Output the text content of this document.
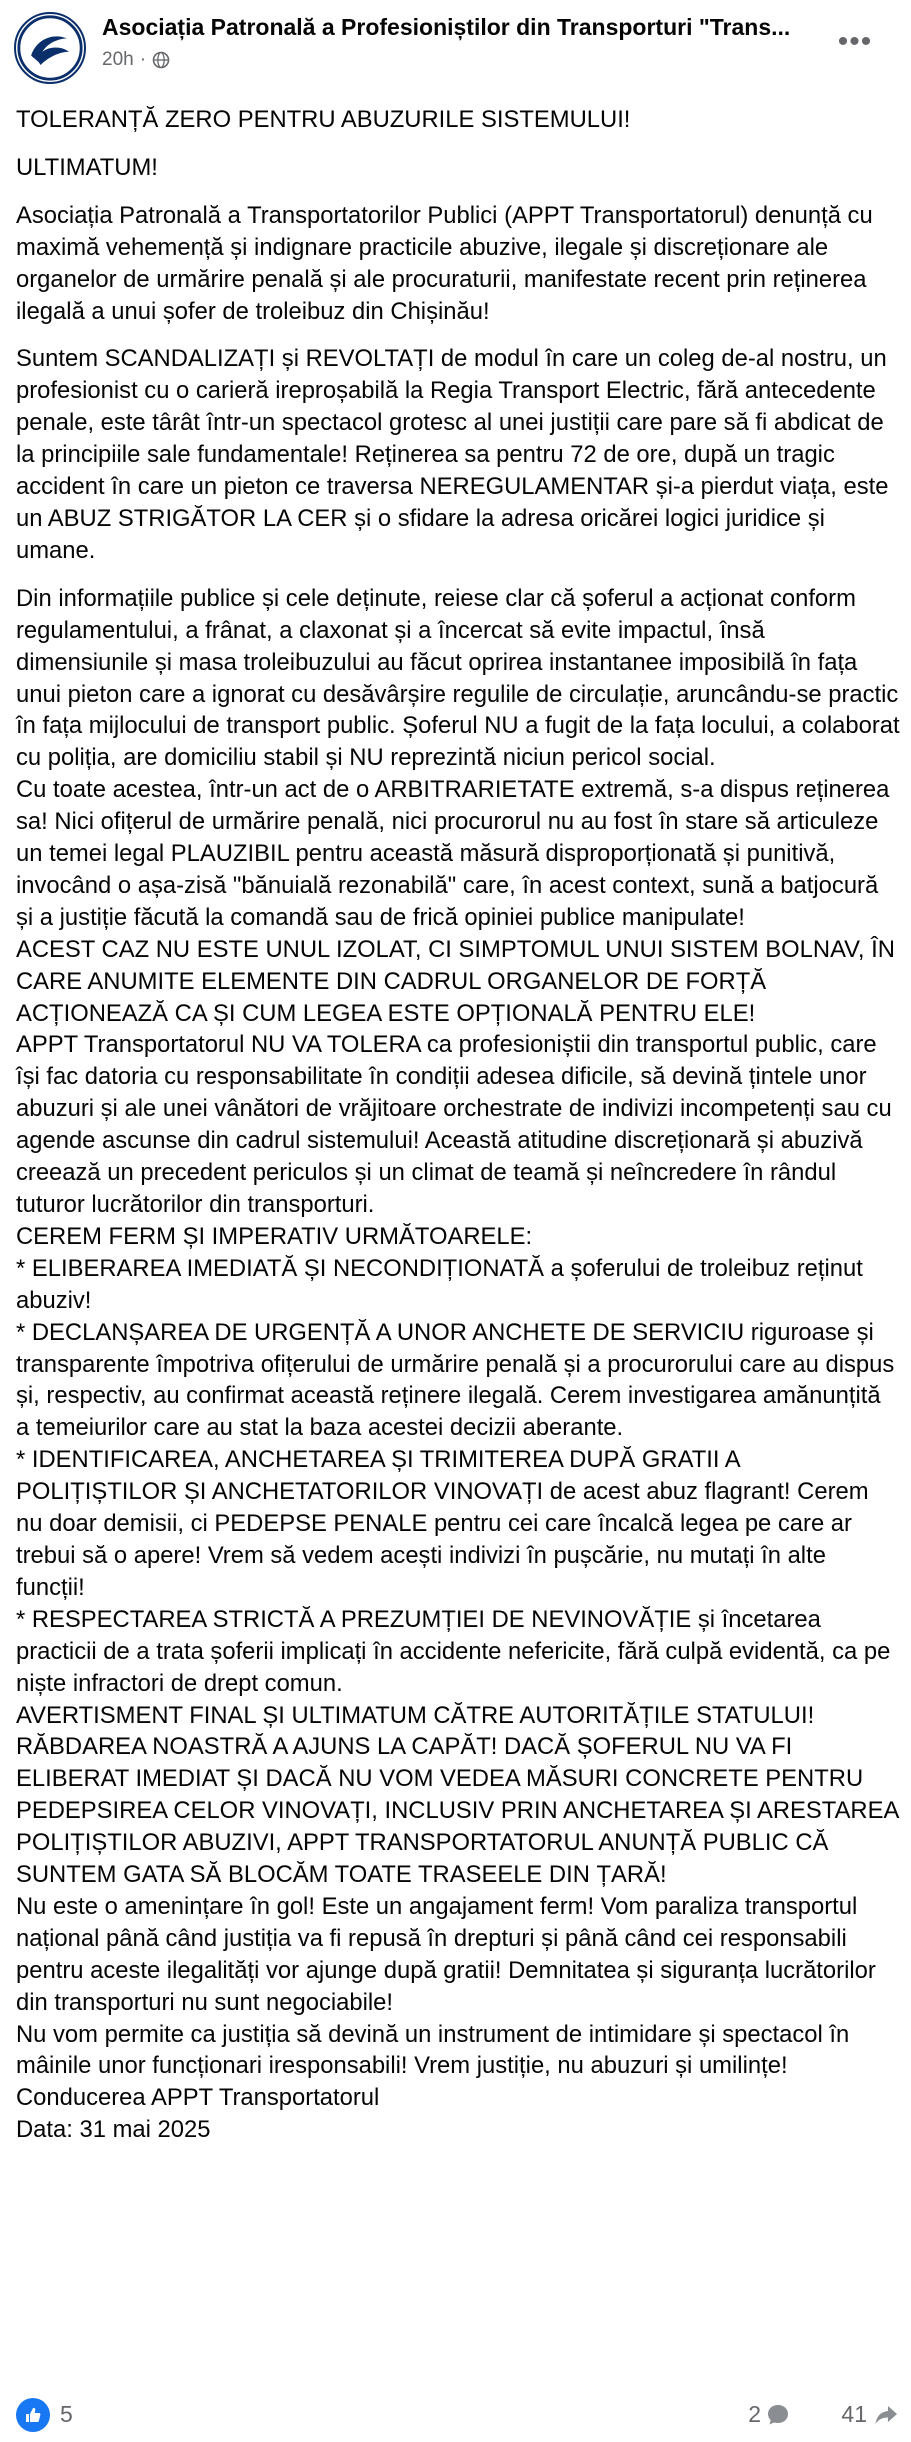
Asociația Patronală a Profesioniștilor din Transporturi "Trans...
20h ·
•••

TOLERANȚĂ ZERO PENTRU ABUZURILE SISTEMULUI!

ULTIMATUM!

Asociația Patronală a Transportatorilor Publici (APPT Transportatorul) denunță cu maximă vehemență și indignare practicile abuzive, ilegale și discreționare ale organelor de urmărire penală și ale procuraturii, manifestate recent prin reținerea ilegală a unui șofer de troleibuz din Chișinău!

Suntem SCANDALIZAȚI și REVOLTAȚI de modul în care un coleg de-al nostru, un profesionist cu o carieră ireproșabilă la Regia Transport Electric, fără antecedente penale, este târât într-un spectacol grotesc al unei justiții care pare să fi abdicat de la principiile sale fundamentale! Reținerea sa pentru 72 de ore, după un tragic accident în care un pieton ce traversa NEREGULAMENTAR și-a pierdut viața, este un ABUZ STRIGĂTOR LA CER și o sfidare la adresa oricărei logici juridice și umane.

Din informațiile publice și cele deținute, reiese clar că șoferul a acționat conform regulamentului, a frânat, a claxonat și a încercat să evite impactul, însă dimensiunile și masa troleibuzului au făcut oprirea instantanee imposibilă în fața unui pieton care a ignorat cu desăvârșire regulile de circulație, aruncându-se practic în fața mijlocului de transport public. Șoferul NU a fugit de la fața locului, a colaborat cu poliția, are domiciliu stabil și NU reprezintă niciun pericol social.

Cu toate acestea, într-un act de o ARBITRARIETATE extremă, s-a dispus reținerea sa! Nici ofițerul de urmărire penală, nici procurorul nu au fost în stare să articuleze un temei legal PLAUZIBIL pentru această măsură disproporționată și punitivă, invocând o așa-zisă "bănuială rezonabilă" care, în acest context, sună a batjocură și a justiție făcută la comandă sau de frică opiniei publice manipulate!

ACEST CAZ NU ESTE UNUL IZOLAT, CI SIMPTOMUL UNUI SISTEM BOLNAV, ÎN CARE ANUMITE ELEMENTE DIN CADRUL ORGANELOR DE FORȚĂ ACȚIONEAZĂ CA ȘI CUM LEGEA ESTE OPȚIONALĂ PENTRU ELE!

APPT Transportatorul NU VA TOLERA ca profesioniștii din transportul public, care își fac datoria cu responsabilitate în condiții adesea dificile, să devină țintele unor abuzuri și ale unei vânători de vrăjitoare orchestrate de indivizi incompetenți sau cu agende ascunse din cadrul sistemului! Această atitudine discreționară și abuzivă creează un precedent periculos și un climat de teamă și neîncredere în rândul tuturor lucrătorilor din transporturi.

CEREM FERM ȘI IMPERATIV URMĂTOARELE:

* ELIBERAREA IMEDIATĂ ȘI NECONDIȚIONATĂ a șoferului de troleibuz reținut abuziv!

* DECLANȘAREA DE URGENȚĂ A UNOR ANCHETE DE SERVICIU riguroase și transparente împotriva ofițerului de urmărire penală și a procurorului care au dispus și, respectiv, au confirmat această reținere ilegală. Cerem investigarea amănunțită a temeiurilor care au stat la baza acestei decizii aberante.

* IDENTIFICAREA, ANCHETAREA ȘI TRIMITEREA DUPĂ GRATII A POLIȚIȘTILOR ȘI ANCHETATORILOR VINOVAȚI de acest abuz flagrant! Cerem nu doar demisii, ci PEDEPSE PENALE pentru cei care încalcă legea pe care ar trebui să o apere! Vrem să vedem acești indivizi în pușcărie, nu mutați în alte funcții!

* RESPECTAREA STRICTĂ A PREZUMȚIEI DE NEVINOVĂȚIE și încetarea practicii de a trata șoferii implicați în accidente nefericite, fără culpă evidentă, ca pe niște infractori de drept comun.

AVERTISMENT FINAL ȘI ULTIMATUM CĂTRE AUTORITĂȚILE STATULUI!

RĂBDAREA NOASTRĂ A AJUNS LA CAPĂT! DACĂ ȘOFERUL NU VA FI ELIBERAT IMEDIAT ȘI DACĂ NU VOM VEDEA MĂSURI CONCRETE PENTRU PEDEPSIREA CELOR VINOVAȚI, INCLUSIV PRIN ANCHETAREA ȘI ARESTAREA POLIȚIȘTILOR ABUZIVI, APPT TRANSPORTATORUL ANUNȚĂ PUBLIC CĂ SUNTEM GATA SĂ BLOCĂM TOATE TRASEELE DIN ȚARĂ!

Nu este o amenințare în gol! Este un angajament ferm! Vom paraliza transportul național până când justiția va fi repusă în drepturi și până când cei responsabili pentru aceste ilegalități vor ajunge după gratii! Demnitatea și siguranța lucrătorilor din transporturi nu sunt negociabile!

Nu vom permite ca justiția să devină un instrument de intimidare și spectacol în mâinile unor funcționari iresponsabili! Vrem justiție, nu abuzuri și umilințe!

Conducerea APPT Transportatorul

Data: 31 mai 2025

5	2	41
